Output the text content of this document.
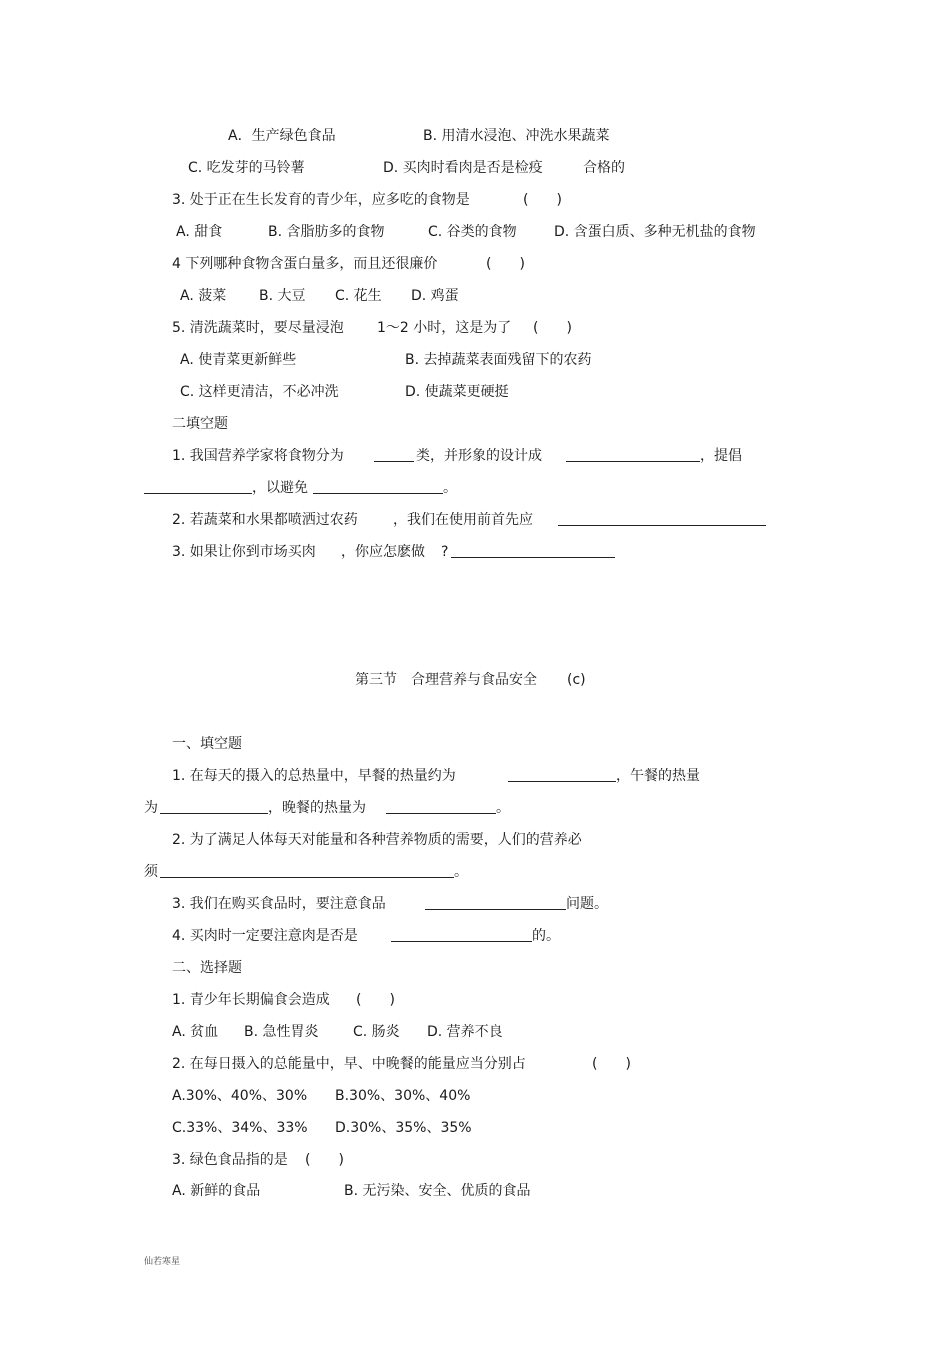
A．生产绿色食品	B. 用清水浸泡、冲洗水果蔬菜
C. 吃发芽的马铃薯	D. 买肉时看肉是否是检疫	合格的
3. 处于正在生长发育的青少年，应多吃的食物是	(　　)
A. 甜食	B. 含脂肪多的食物	C. 谷类的食物	D. 含蛋白质、多种无机盐的食物
4 下列哪种食物含蛋白量多，而且还很廉价	(　　)
A. 菠菜 B. 大豆 C. 花生 D. 鸡蛋
5. 清洗蔬菜时，要尽量浸泡 1～2 小时，这是为了 (　　)
A. 使青菜更新鲜些	B. 去掉蔬菜表面残留下的农药
C. 这样更清洁，不必冲洗	D. 使蔬菜更硬挺
二填空题
1. 我国营养学家将食物分为	类，并形象的设计成	，提倡
，以避免	。
2. 若蔬菜和水果都喷洒过农药	，我们在使用前首先应
3. 如果让你到市场买肉 ，你应怎麽做 ?
第三节　合理营养与食品安全 (c)
一、填空题
1. 在每天的摄入的总热量中，早餐的热量约为	，午餐的热量
为	，晚餐的热量为	。
2. 为了满足人体每天对能量和各种营养物质的需要，人们的营养必
须	。
3. 我们在购买食品时，要注意食品	问题。
4. 买肉时一定要注意肉是否是	的。
二、选择题
1. 青少年长期偏食会造成 (　　)
A. 贫血 B. 急性胃炎 C. 肠炎 D. 营养不良
2. 在每日摄入的总能量中，早、中晚餐的能量应当分别占	(　　)
A.30%、40%、30% B.30%、30%、40%
C.33%、34%、33% D.30%、35%、35%
3. 绿色食品指的是 (　　)
A. 新鲜的食品	B. 无污染、安全、优质的食品
仙若寒星
